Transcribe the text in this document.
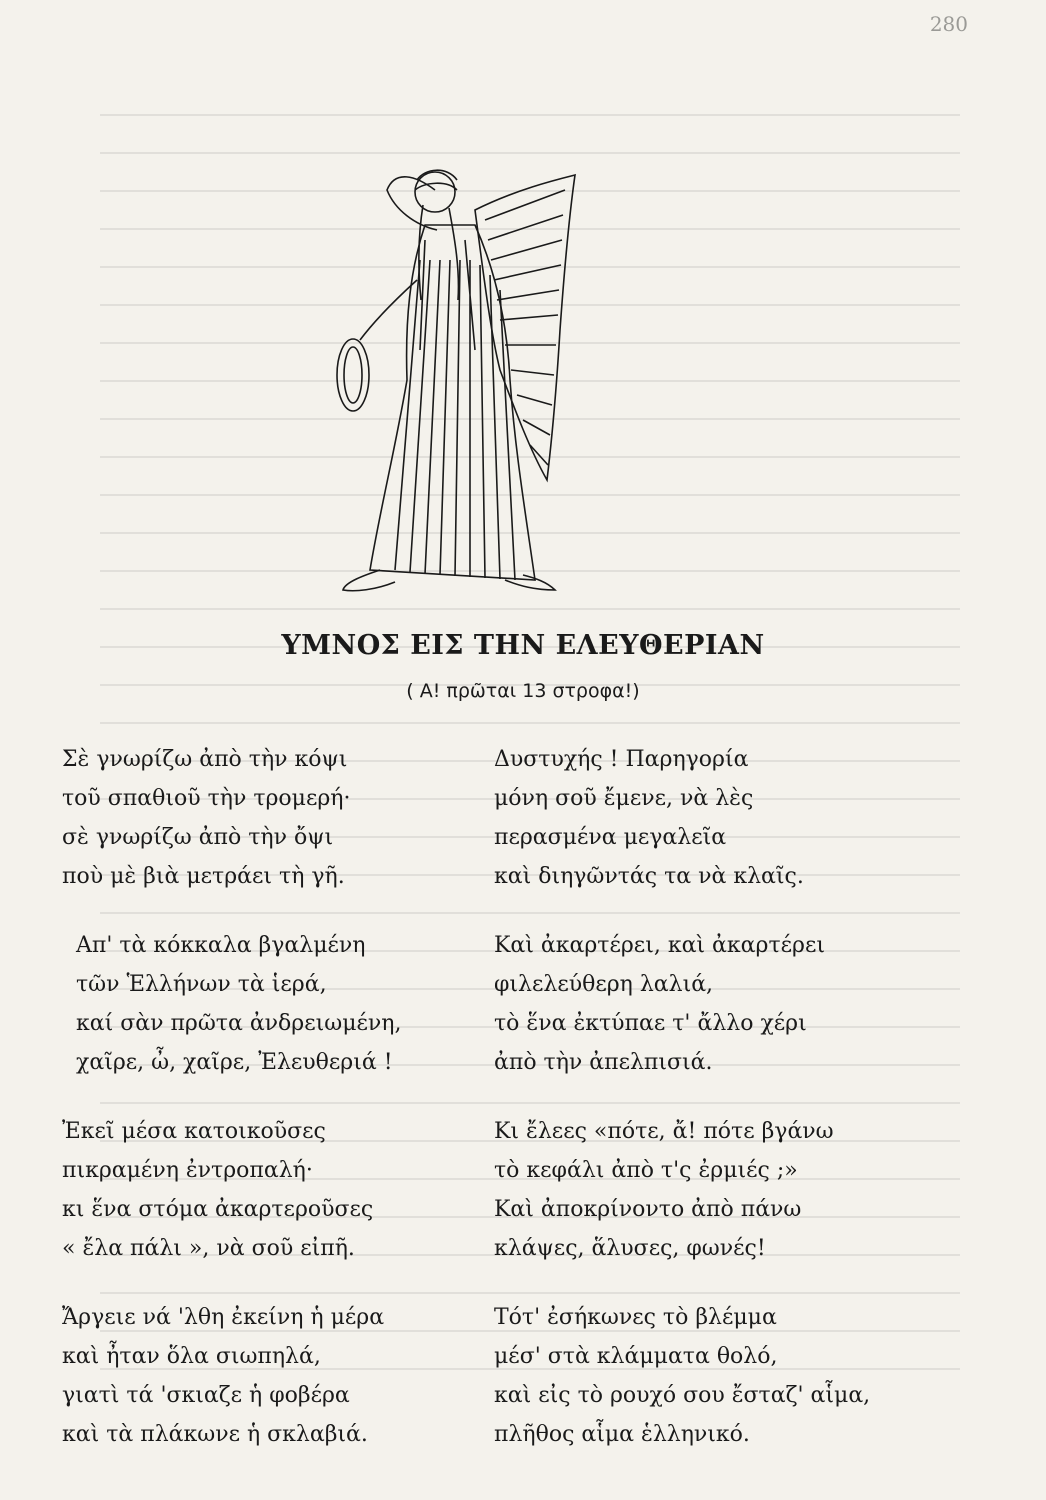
280
ΥΜΝΟΣ ΕΙΣ ΤΗΝ ΕΛΕΥΘΕΡΙΑΝ
( Α! πρῶται 13 στροφα!)
Σὲ γνωρίζω ἀπὸ τὴν κόψι
τοῦ σπαθιοῦ τὴν τρομερή·
σὲ γνωρίζω ἀπὸ τὴν ὄψι
ποὺ μὲ βιὰ μετράει τὴ γῆ.
Απ' τὰ κόκκαλα βγαλμένη
τῶν Ἑλλήνων τὰ ἱερά,
καί σὰν πρῶτα ἀνδρειωμένη,
χαῖρε, ὦ, χαῖρε, Ἐλευθεριά !
Ἐκεῖ μέσα κατοικοῦσες
πικραμένη ἐντροπαλή·
κι ἕνα στόμα ἀκαρτεροῦσες
« ἔλα πάλι », νὰ σοῦ εἰπῆ.
Ἄργειε νά 'λθη ἐκείνη ἡ μέρα
καὶ ἦταν ὅλα σιωπηλά,
γιατὶ τά 'σκιαζε ἡ φοβέρα
καὶ τὰ πλάκωνε ἡ σκλαβιά.
Δυστυχής ! Παρηγορία
μόνη σοῦ ἔμενε, νὰ λὲς
περασμένα μεγαλεῖα
καὶ διηγῶντάς τα νὰ κλαῖς.
Καὶ ἀκαρτέρει, καὶ ἀκαρτέρει
φιλελεύθερη λαλιά,
τὸ ἕνα ἐκτύπαε τ' ἄλλο χέρι
ἀπὸ τὴν ἀπελπισιά.
Κι ἔλεες «πότε, ἄ! πότε βγάνω
τὸ κεφάλι ἀπὸ τ'ς ἐρμιές ;»
Καὶ ἀποκρίνοντο ἀπὸ πάνω
κλάψες, ἅλυσες, φωνές!
Τότ' ἐσήκωνες τὸ βλέμμα
μέσ' στὰ κλάμματα θολό,
καὶ εἰς τὸ ρουχό σου ἔσταζ' αἷμα,
πλῆθος αἷμα ἑλληνικό.
